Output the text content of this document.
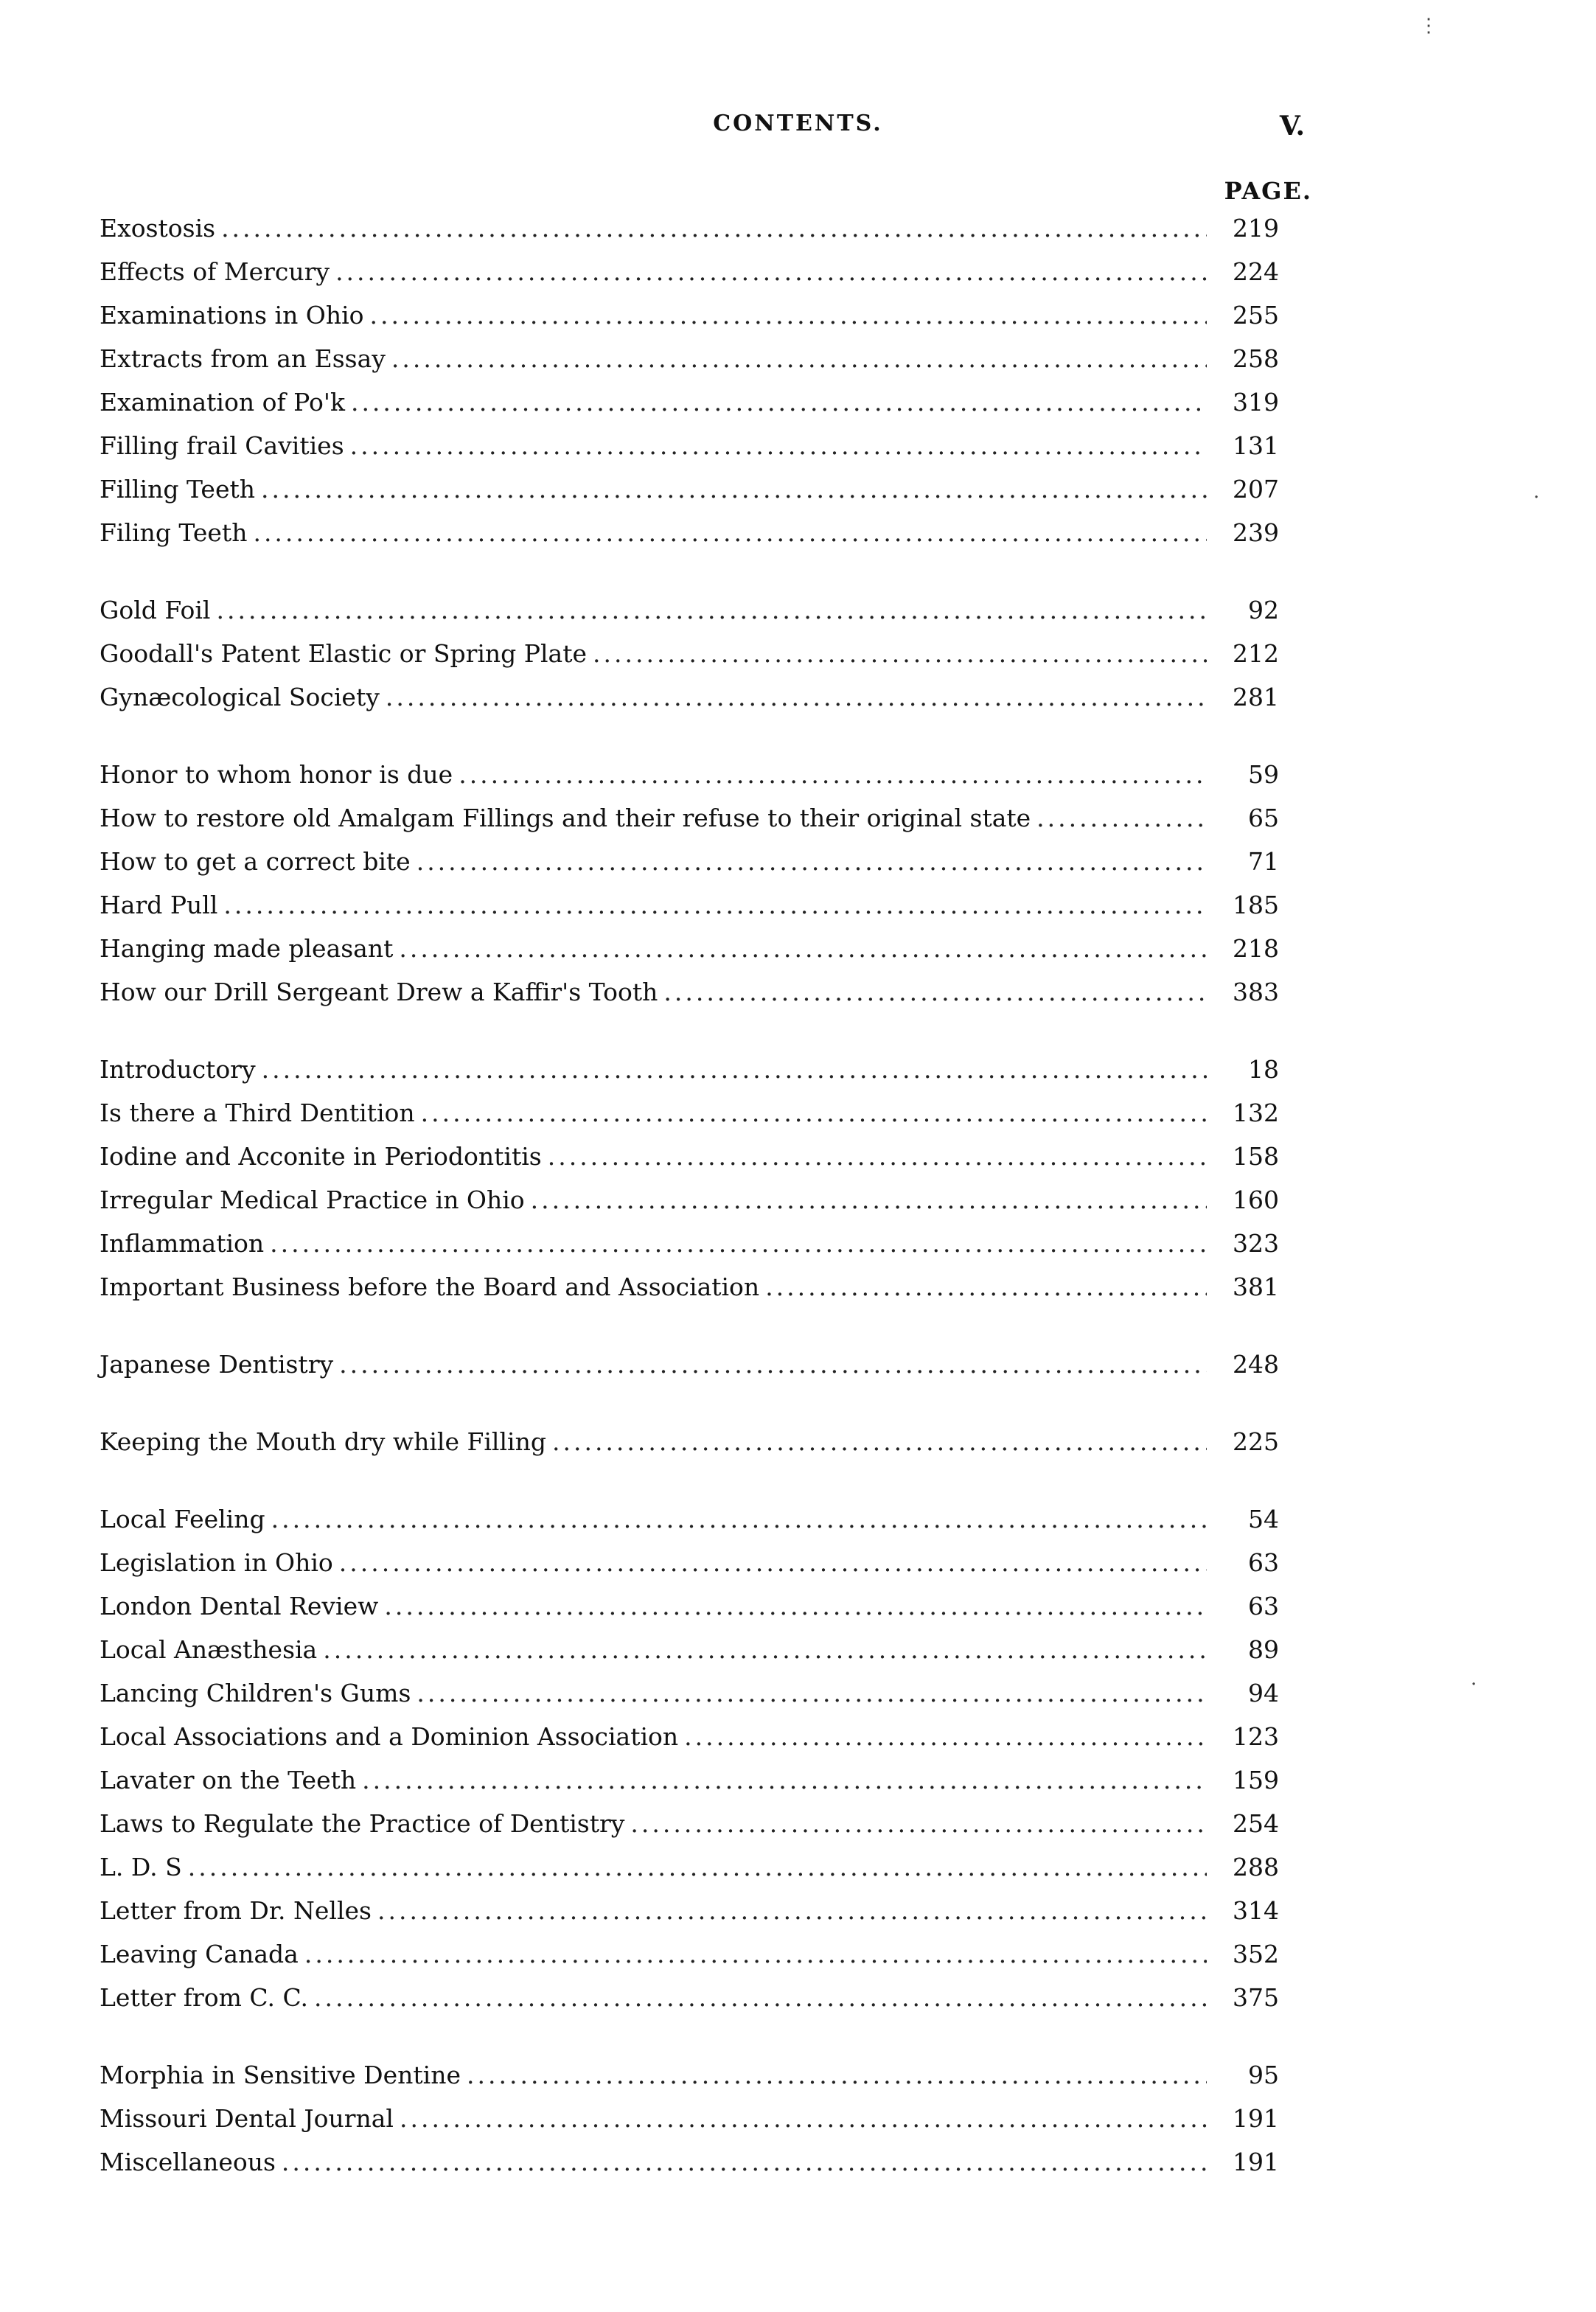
CONTENTS.	V.
PAGE.
Exostosis .....	219
Effects of Mercury .....	224
Examinations in Ohio .....	255
Extracts from an Essay .....	258
Examination of Po'k .....	319
Filling frail Cavities .....	131
Filling Teeth .....	207
Filing Teeth .....	239
Gold Foil .....	92
Goodall's Patent Elastic or Spring Plate .....	212
Gynæcological Society .....	281
Honor to whom honor is due .....	59
How to restore old Amalgam Fillings and their refuse to their original state .....	65
How to get a correct bite .....	71
Hard Pull .....	185
Hanging made pleasant .....	218
How our Drill Sergeant Drew a Kaffir's Tooth .....	383
Introductory .....	18
Is there a Third Dentition .....	132
Iodine and Acconite in Periodontitis .....	158
Irregular Medical Practice in Ohio .....	160
Inflammation .....	323
Important Business before the Board and Association .....	381
Japanese Dentistry .....	248
Keeping the Mouth dry while Filling .....	225
Local Feeling .....	54
Legislation in Ohio .....	63
London Dental Review .....	63
Local Anæsthesia .....	89
Lancing Children's Gums .....	94
Local Associations and a Dominion Association .....	123
Lavater on the Teeth .....	159
Laws to Regulate the Practice of Dentistry .....	254
L. D. S .....	288
Letter from Dr. Nelles .....	314
Leaving Canada .....	352
Letter from C. C. .....	375
Morphia in Sensitive Dentine .....	95
Missouri Dental Journal .....	191
Miscellaneous .....	191
⋮
·
·
